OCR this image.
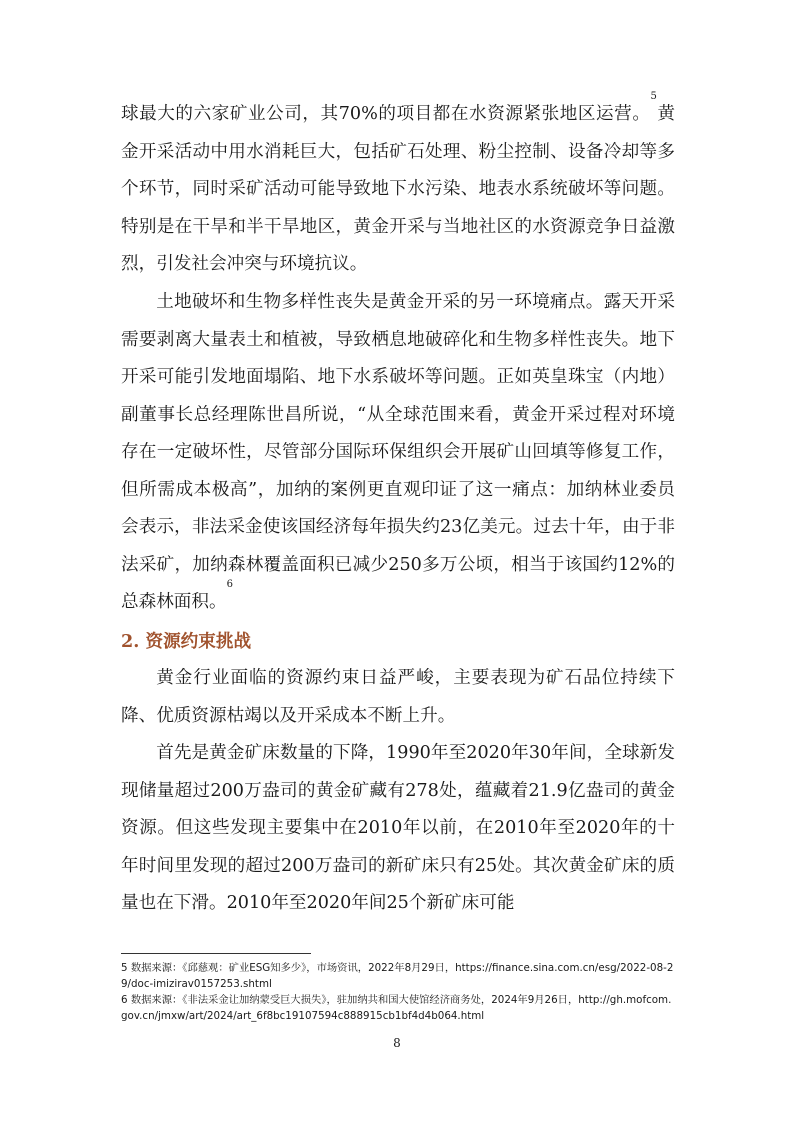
球最大的六家矿业公司，其70%的项目都在水资源紧张地区运营。$^5$黄金开采活动中用水消耗巨大，包括矿石处理、粉尘控制、设备冷却等多个环节，同时采矿活动可能导致地下水污染、地表水系统破坏等问题。特别是在干旱和半干旱地区，黄金开采与当地社区的水资源竞争日益激烈，引发社会冲突与环境抗议。

土地破坏和生物多样性丧失是黄金开采的另一环境痛点。露天开采需要剥离大量表土和植被，导致栖息地破碎化和生物多样性丧失。地下开采可能引发地面塌陷、地下水系破坏等问题。正如英皇珠宝（内地）副董事长总经理陈世昌所说，“从全球范围来看，黄金开采过程对环境存在一定破坏性，尽管部分国际环保组织会开展矿山回填等修复工作，但所需成本极高”，加纳的案例更直观印证了这一痛点：加纳林业委员会表示，非法采金使该国经济每年损失约23亿美元。过去十年，由于非法采矿，加纳森林覆盖面积已减少250多万公顷，相当于该国约12%的总森林面积。$^6$

2. 资源约束挑战

黄金行业面临的资源约束日益严峻，主要表现为矿石品位持续下降、优质资源枯竭以及开采成本不断上升。

首先是黄金矿床数量的下降，1990年至2020年30年间，全球新发现储量超过200万盎司的黄金矿藏有278处，蕴藏着21.9亿盎司的黄金资源。但这些发现主要集中在2010年以前，在2010年至2020年的十年时间里发现的超过200万盎司的新矿床只有25处。其次黄金矿床的质量也在下滑。2010年至2020年间25个新矿床可能

5 数据来源：《邱慈观：矿业ESG知多少》，市场资讯，2022年8月29日，https://finance.sina.com.cn/esg/2022-08-29/doc-imizirav0157253.shtml

6 数据来源：《非法采金让加纳蒙受巨大损失》，驻加纳共和国大使馆经济商务处，2024年9月26日，http://gh.mofcom.gov.cn/jmxw/art/2024/art_6f8bc19107594c888915cb1bf4d4b064.html

8
